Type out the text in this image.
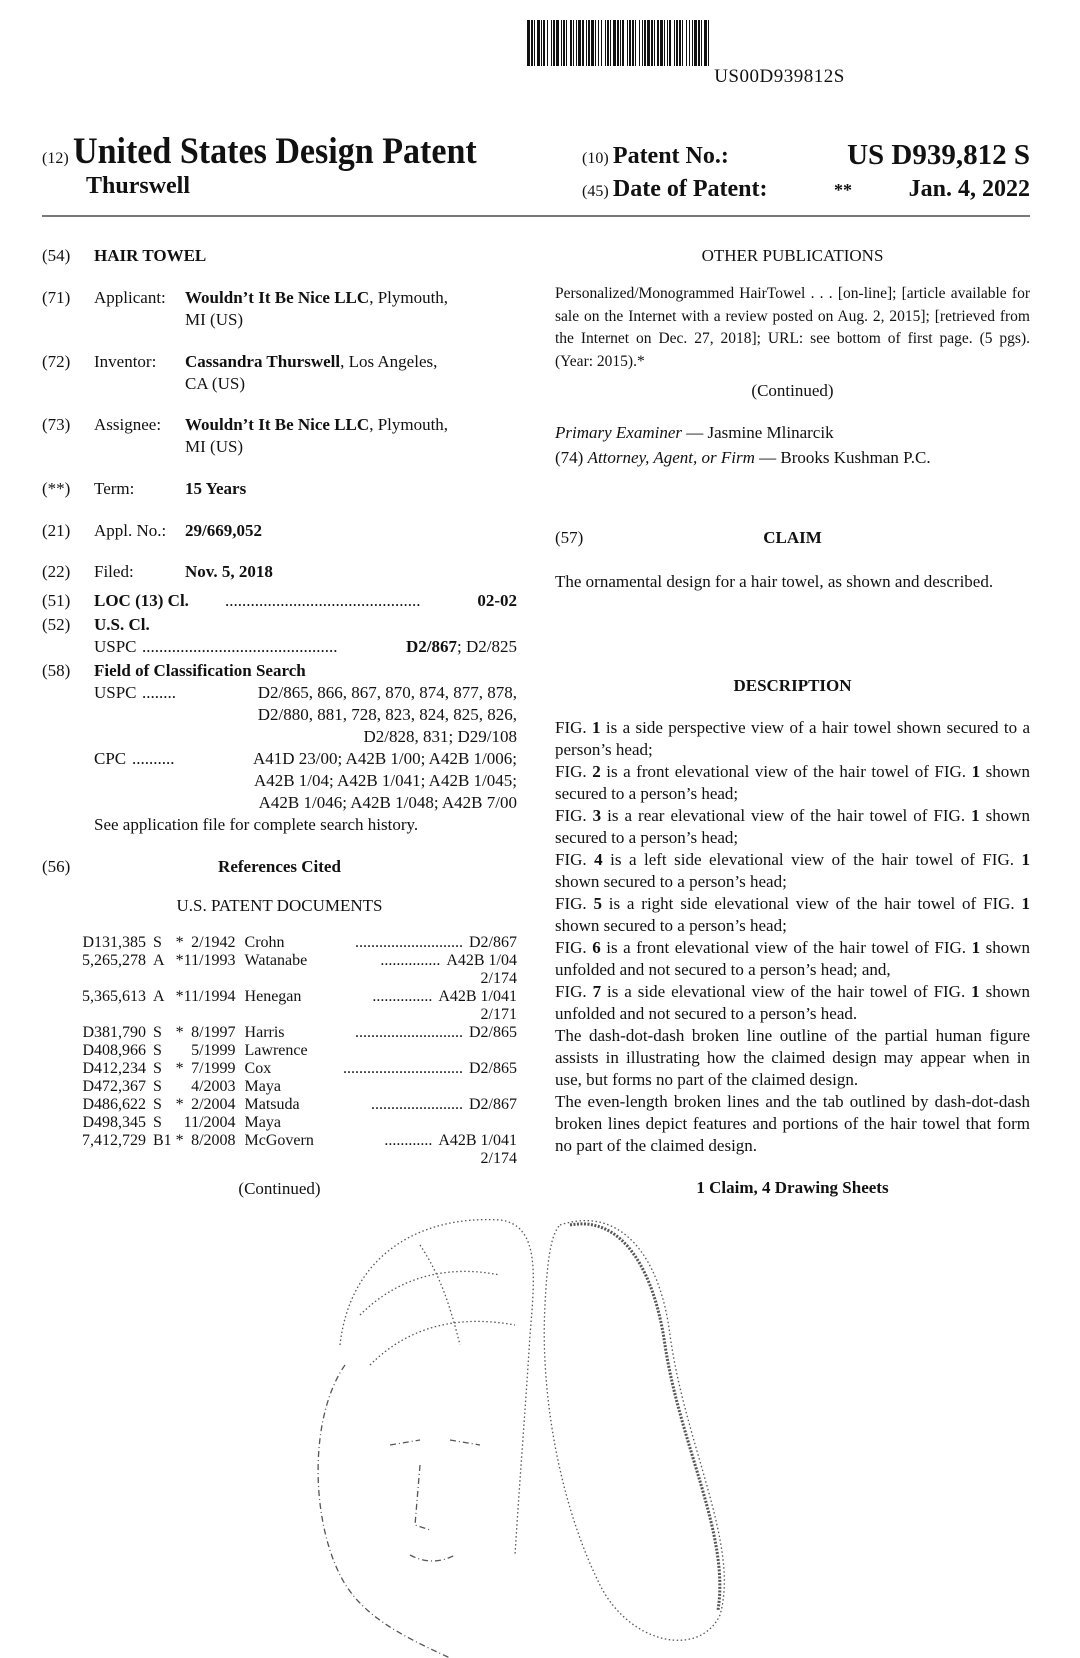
US00D939812S
(12) United States Design Patent
Thurswell
(10) Patent No.:	US D939,812 S
(45) Date of Patent:	** Jan. 4, 2022
(54)	HAIR TOWEL
(71)	Applicant: Wouldn’t It Be Nice LLC, Plymouth,
MI (US)
(72)	Inventor: Cassandra Thurswell, Los Angeles,
CA (US)
(73)	Assignee: Wouldn’t It Be Nice LLC, Plymouth,
MI (US)
(**)	Term:	15 Years
(21)	Appl. No.: 29/669,052
(22)	Filed:	Nov. 5, 2018
(51)	LOC (13) Cl. ..............................................	02-02
(52)	U.S. Cl.
USPC ..............................................	D2/867; D2/825
(58)	Field of Classification Search
USPC ........	D2/865, 866, 867, 870, 874, 877, 878,
D2/880, 881, 728, 823, 824, 825, 826,
D2/828, 831; D29/108
CPC ..........	A41D 23/00; A42B 1/00; A42B 1/006;
A42B 1/04; A42B 1/041; A42B 1/045;
A42B 1/046; A42B 1/048; A42B 7/00
See application file for complete search history.
(56)	References Cited
U.S. PATENT DOCUMENTS
D131,385	S	*	2/1942	Crohn	........................... D2/867
5,265,278	A	*	11/1993	Watanabe	............... A42B 1/04
2/174

5,365,613	A	*	11/1994	Henegan	............... A42B 1/041
2/171

D381,790	S	*	8/1997	Harris	........................... D2/865
D408,966	S		5/1999	Lawrence	
D412,234	S	*	7/1999	Cox	.............................. D2/865
D472,367	S		4/2003	Maya	
D486,622	S	*	2/2004	Matsuda	....................... D2/867
D498,345	S		11/2004	Maya	
7,412,729	B1	*	8/2008	McGovern	............ A42B 1/041
2/174
(Continued)
OTHER PUBLICATIONS
Personalized/Monogrammed HairTowel . . . [on-line]; [article available for sale on the Internet with a review posted on Aug. 2, 2015]; [retrieved from the Internet on Dec. 27, 2018]; URL: see bottom of first page. (5 pgs). (Year: 2015).*
(Continued)
Primary Examiner — Jasmine Mlinarcik
(74) Attorney, Agent, or Firm — Brooks Kushman P.C.
(57)	CLAIM
The ornamental design for a hair towel, as shown and described.
DESCRIPTION
FIG. 1 is a side perspective view of a hair towel shown secured to a person’s head;
FIG. 2 is a front elevational view of the hair towel of FIG. 1 shown secured to a person’s head;
FIG. 3 is a rear elevational view of the hair towel of FIG. 1 shown secured to a person’s head;
FIG. 4 is a left side elevational view of the hair towel of FIG. 1 shown secured to a person’s head;
FIG. 5 is a right side elevational view of the hair towel of FIG. 1 shown secured to a person’s head;
FIG. 6 is a front elevational view of the hair towel of FIG. 1 shown unfolded and not secured to a person’s head; and,
FIG. 7 is a side elevational view of the hair towel of FIG. 1 shown unfolded and not secured to a person’s head.
The dash-dot-dash broken line outline of the partial human figure assists in illustrating how the claimed design may appear when in use, but forms no part of the claimed design.
The even-length broken lines and the tab outlined by dash-dot-dash broken lines depict features and portions of the hair towel that form no part of the claimed design.
1 Claim, 4 Drawing Sheets
